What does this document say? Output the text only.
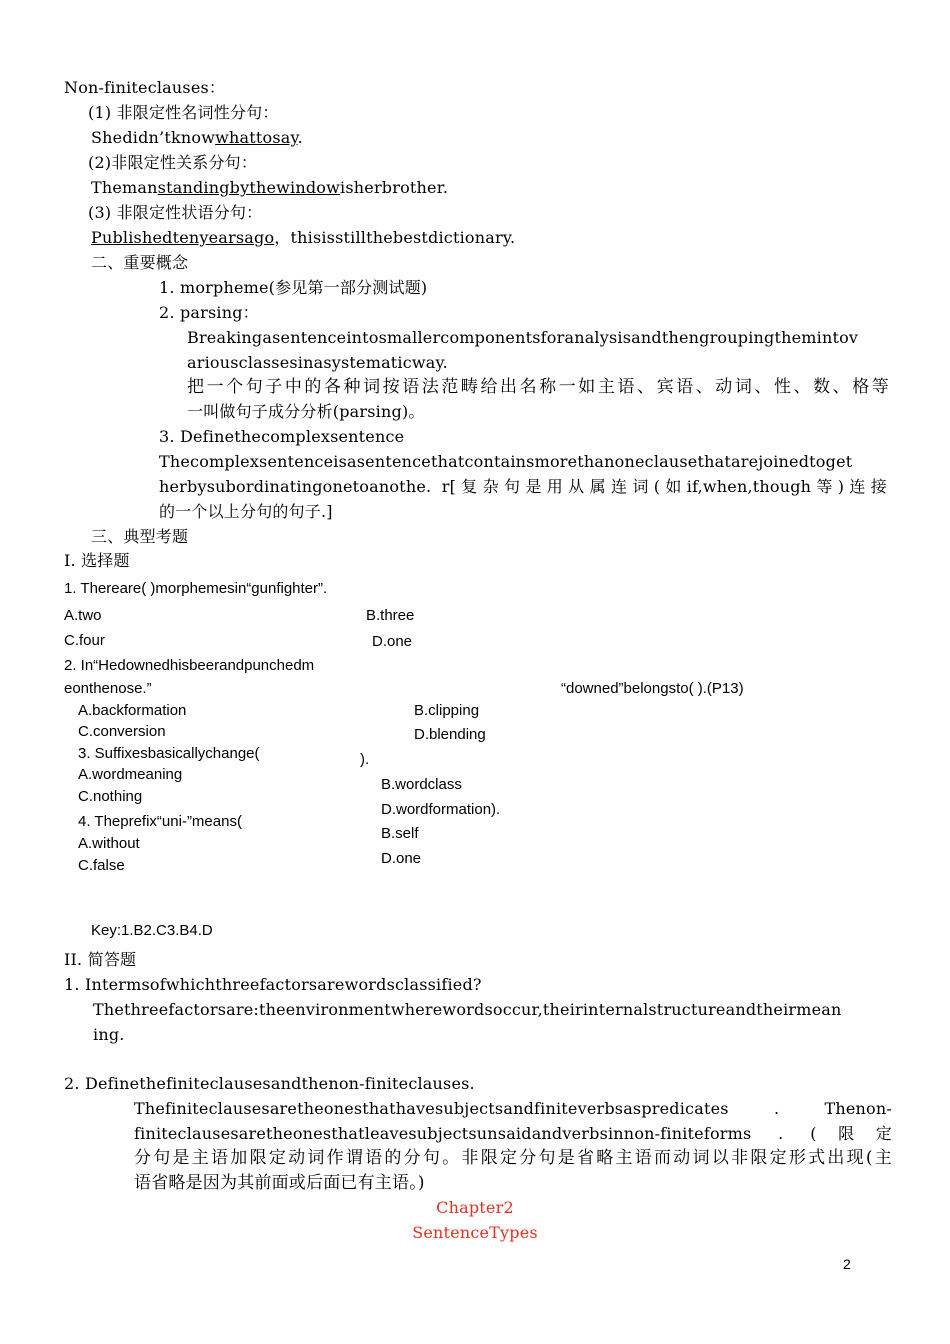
Non-finiteclauses：
(1) 非限定性名词性分句：
Shedidn’tknowwhattosay.
(2)非限定性关系分句：
Themanstandingbythewindowisherbrother.
(3) 非限定性状语分句：
Publishedtenyearsago，thisisstillthebestdictionary.
二、重要概念
1. morpheme(参见第一部分测试题)
2. parsing：
Breakingasentenceintosmallercomponentsforanalysisandthengroupingthemintov
ariousclassesinasystematicway.
把一个句子中的各种词按语法范畴给出名称一如主语、宾语、动词、性、数、格等
一叫做句子成分分析(parsing)。
3. Definethecomplexsentence
Thecomplexsentenceisasentencethatcontainsmorethanoneclausethatarejoinedtoget
herbysubordinatingonetoanothe. r[复杂句是用从属连词(如if,when,though等)连接
的一个以上分句的句子.]
三、典型考题
I. 选择题
1. Thereare( )morphemesin“gunfighter”.
A.two	B.three
C.four	D.one
2. In“Hedownedhisbeerandpunchedm
eonthenose.”	“downed”belongsto( ).(P13)
A.backformation	B.clipping
C.conversion	D.blending
3. Suffixesbasicallychange(	).
A.wordmeaning
B.wordclass
C.nothing
D.wordformation).
4. Theprefix“uni-”means(
A.without
B.self
C.false	D.one
Key:1.B2.C3.B4.D
II. 简答题
1. Intermsofwhichthreefactorsarewordsclassified?
Thethreefactorsare:theenvironmentwherewordsoccur,theirinternalstructureandtheirmean
ing.
2. Definethefiniteclausesandthenon-finiteclauses.
Thefiniteclausesaretheonesthathavesubjectsandfiniteverbsaspredicates . Thenon-
finiteclausesaretheonesthatleavesubjectsunsaidandverbsinnon-finiteforms . (限定
分句是主语加限定动词作谓语的分句。非限定分句是省略主语而动词以非限定形式出现(主
语省略是因为其前面或后面已有主语。)
Chapter2
SentenceTypes
2
